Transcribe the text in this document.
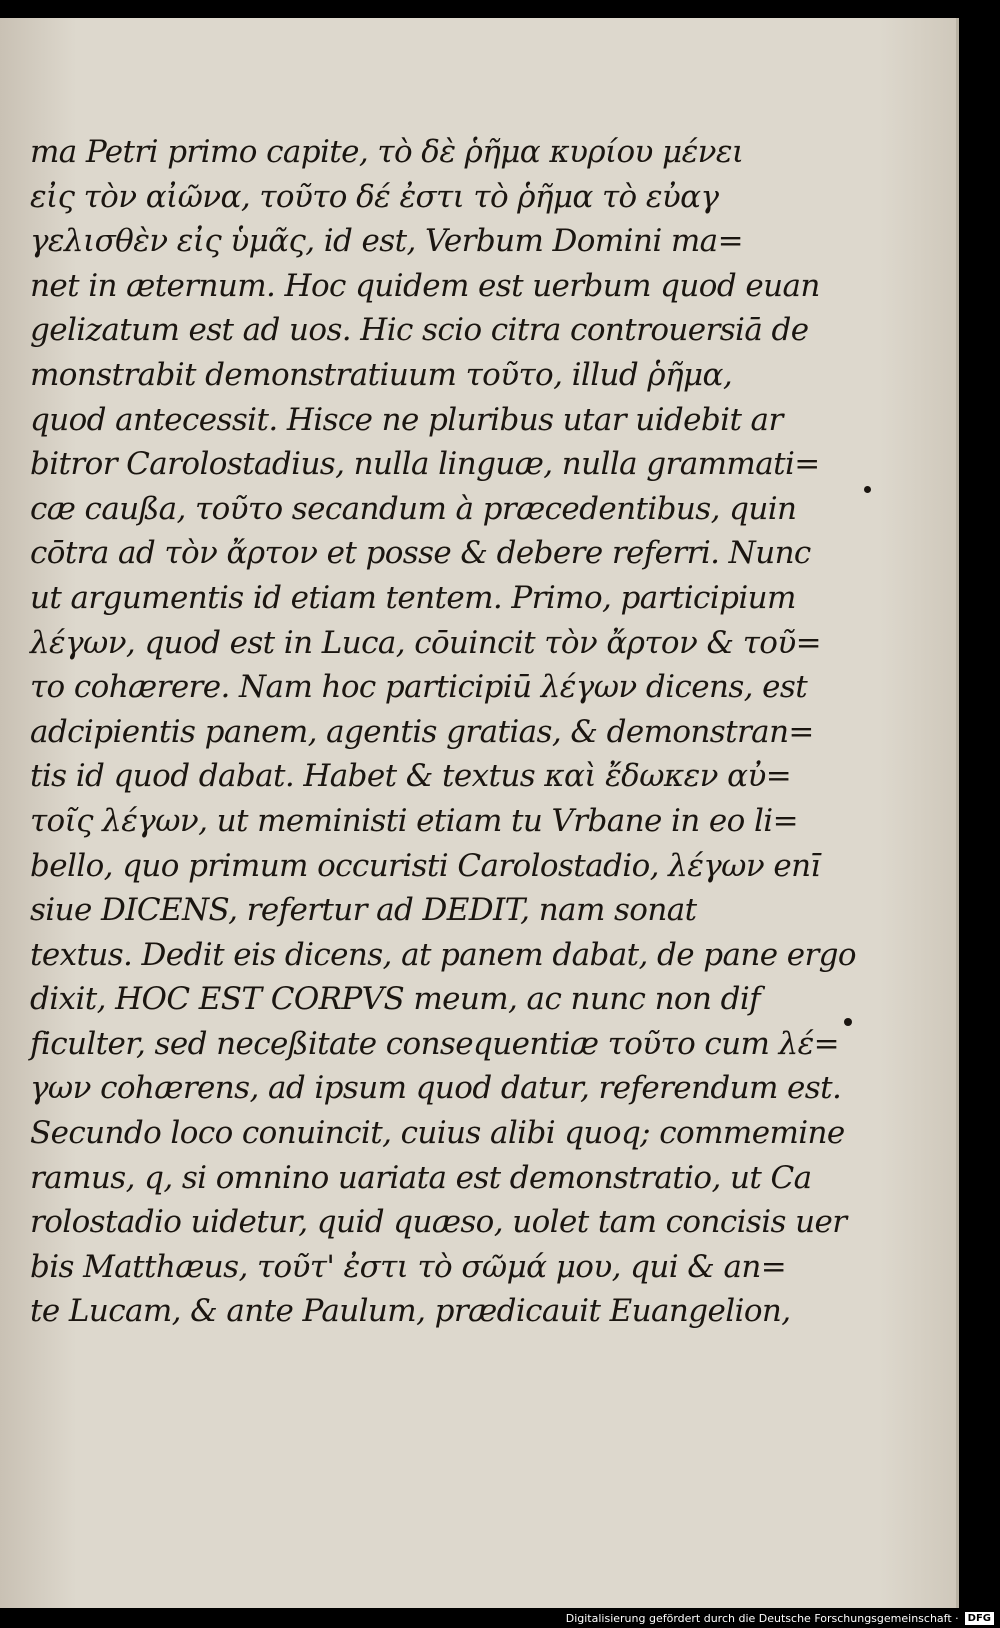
ma Petri primo capite, τὸ δὲ ῥῆμα κυρίου μένει
εἰς τὸν αἰῶνα, τοῦτο δέ ἐστι τὸ ῥῆμα τὸ εὐαγ
γελισθὲν εἰς ὑμᾶς, id est, Verbum Domini ma=
net in æternum. Hoc quidem est uerbum quod euan
gelizatum est ad uos. Hic scio citra controuersiā de
monstrabit demonstratiuum τοῦτο, illud ῥῆμα,
quod antecessit. Hisce ne pluribus utar uidebit ar
bitror Carolostadius, nulla linguæ, nulla grammati=
cæ caußa, τοῦτο secandum à præcedentibus, quin
cōtra ad τὸν ἄρτον et posse & debere referri. Nunc
ut argumentis id etiam tentem. Primo, participium
λέγων, quod est in Luca, cōuincit τὸν ἄρτον & τοῦ=
το cohærere. Nam hoc participiū λέγων dicens, est
adcipientis panem, agentis gratias, & demonstran=
tis id quod dabat. Habet & textus καὶ ἔδωκεν αὐ=
τοῖς λέγων, ut meministi etiam tu Vrbane in eo li=
bello, quo primum occuristi Carolostadio, λέγων enī
siue DICENS, refertur ad DEDIT, nam sonat
textus. Dedit eis dicens, at panem dabat, de pane ergo
dixit, HOC EST CORPVS meum, ac nunc non dif
ficulter, sed neceßitate consequentiæ τοῦτο cum λέ=
γων cohærens, ad ipsum quod datur, referendum est.
Secundo loco conuincit, cuius alibi quoq; commemine
ramus, q, si omnino uariata est demonstratio, ut Ca
rolostadio uidetur, quid quæso, uolet tam concisis uer
bis Matthæus, τοῦτ' ἐστι τὸ σῶμά μου, qui & an=
te Lucam, & ante Paulum, prædicauit Euangelion,
Digitalisierung gefördert durch die Deutsche Forschungsgemeinschaft · DFG
